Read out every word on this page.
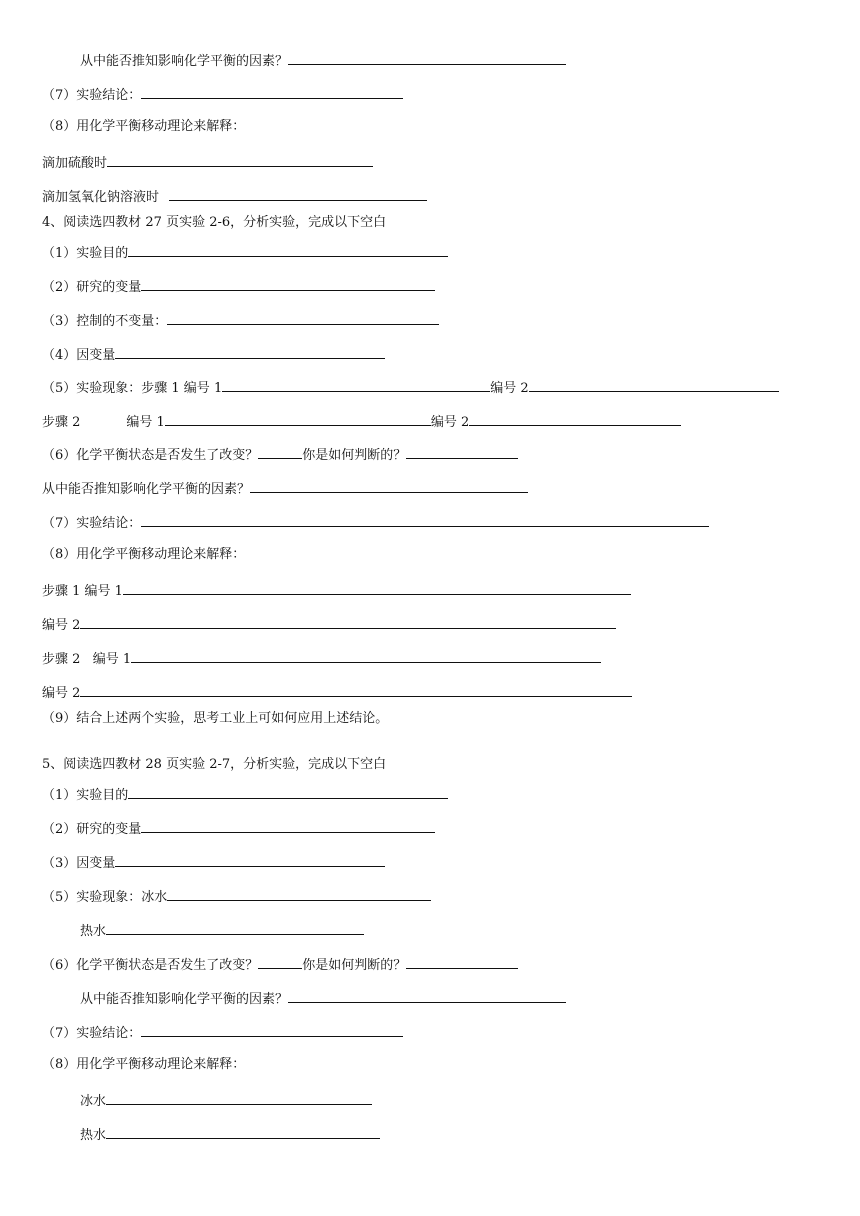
从中能否推知影响化学平衡的因素？
（7）实验结论：
（8）用化学平衡移动理论来解释：
滴加硫酸时
滴加氢氧化钠溶液时
4、阅读选四教材 27 页实验 2-6，分析实验，完成以下空白
（1）实验目的
（2）研究的变量
（3）控制的不变量：
（4）因变量
（5）实验现象：步骤 1 编号 1	编号 2
步骤 2	编号 1	编号 2
（6）化学平衡状态是否发生了改变？	你是如何判断的？
从中能否推知影响化学平衡的因素？
（7）实验结论：
（8）用化学平衡移动理论来解释：
步骤 1 编号 1
编号 2
步骤 2   编号 1
编号 2
（9）结合上述两个实验，思考工业上可如何应用上述结论。
5、阅读选四教材 28 页实验 2-7，分析实验，完成以下空白
（1）实验目的
（2）研究的变量
（3）因变量
（5）实验现象：冰水
热水
（6）化学平衡状态是否发生了改变？	你是如何判断的？
从中能否推知影响化学平衡的因素？
（7）实验结论：
（8）用化学平衡移动理论来解释：
冰水
热水
